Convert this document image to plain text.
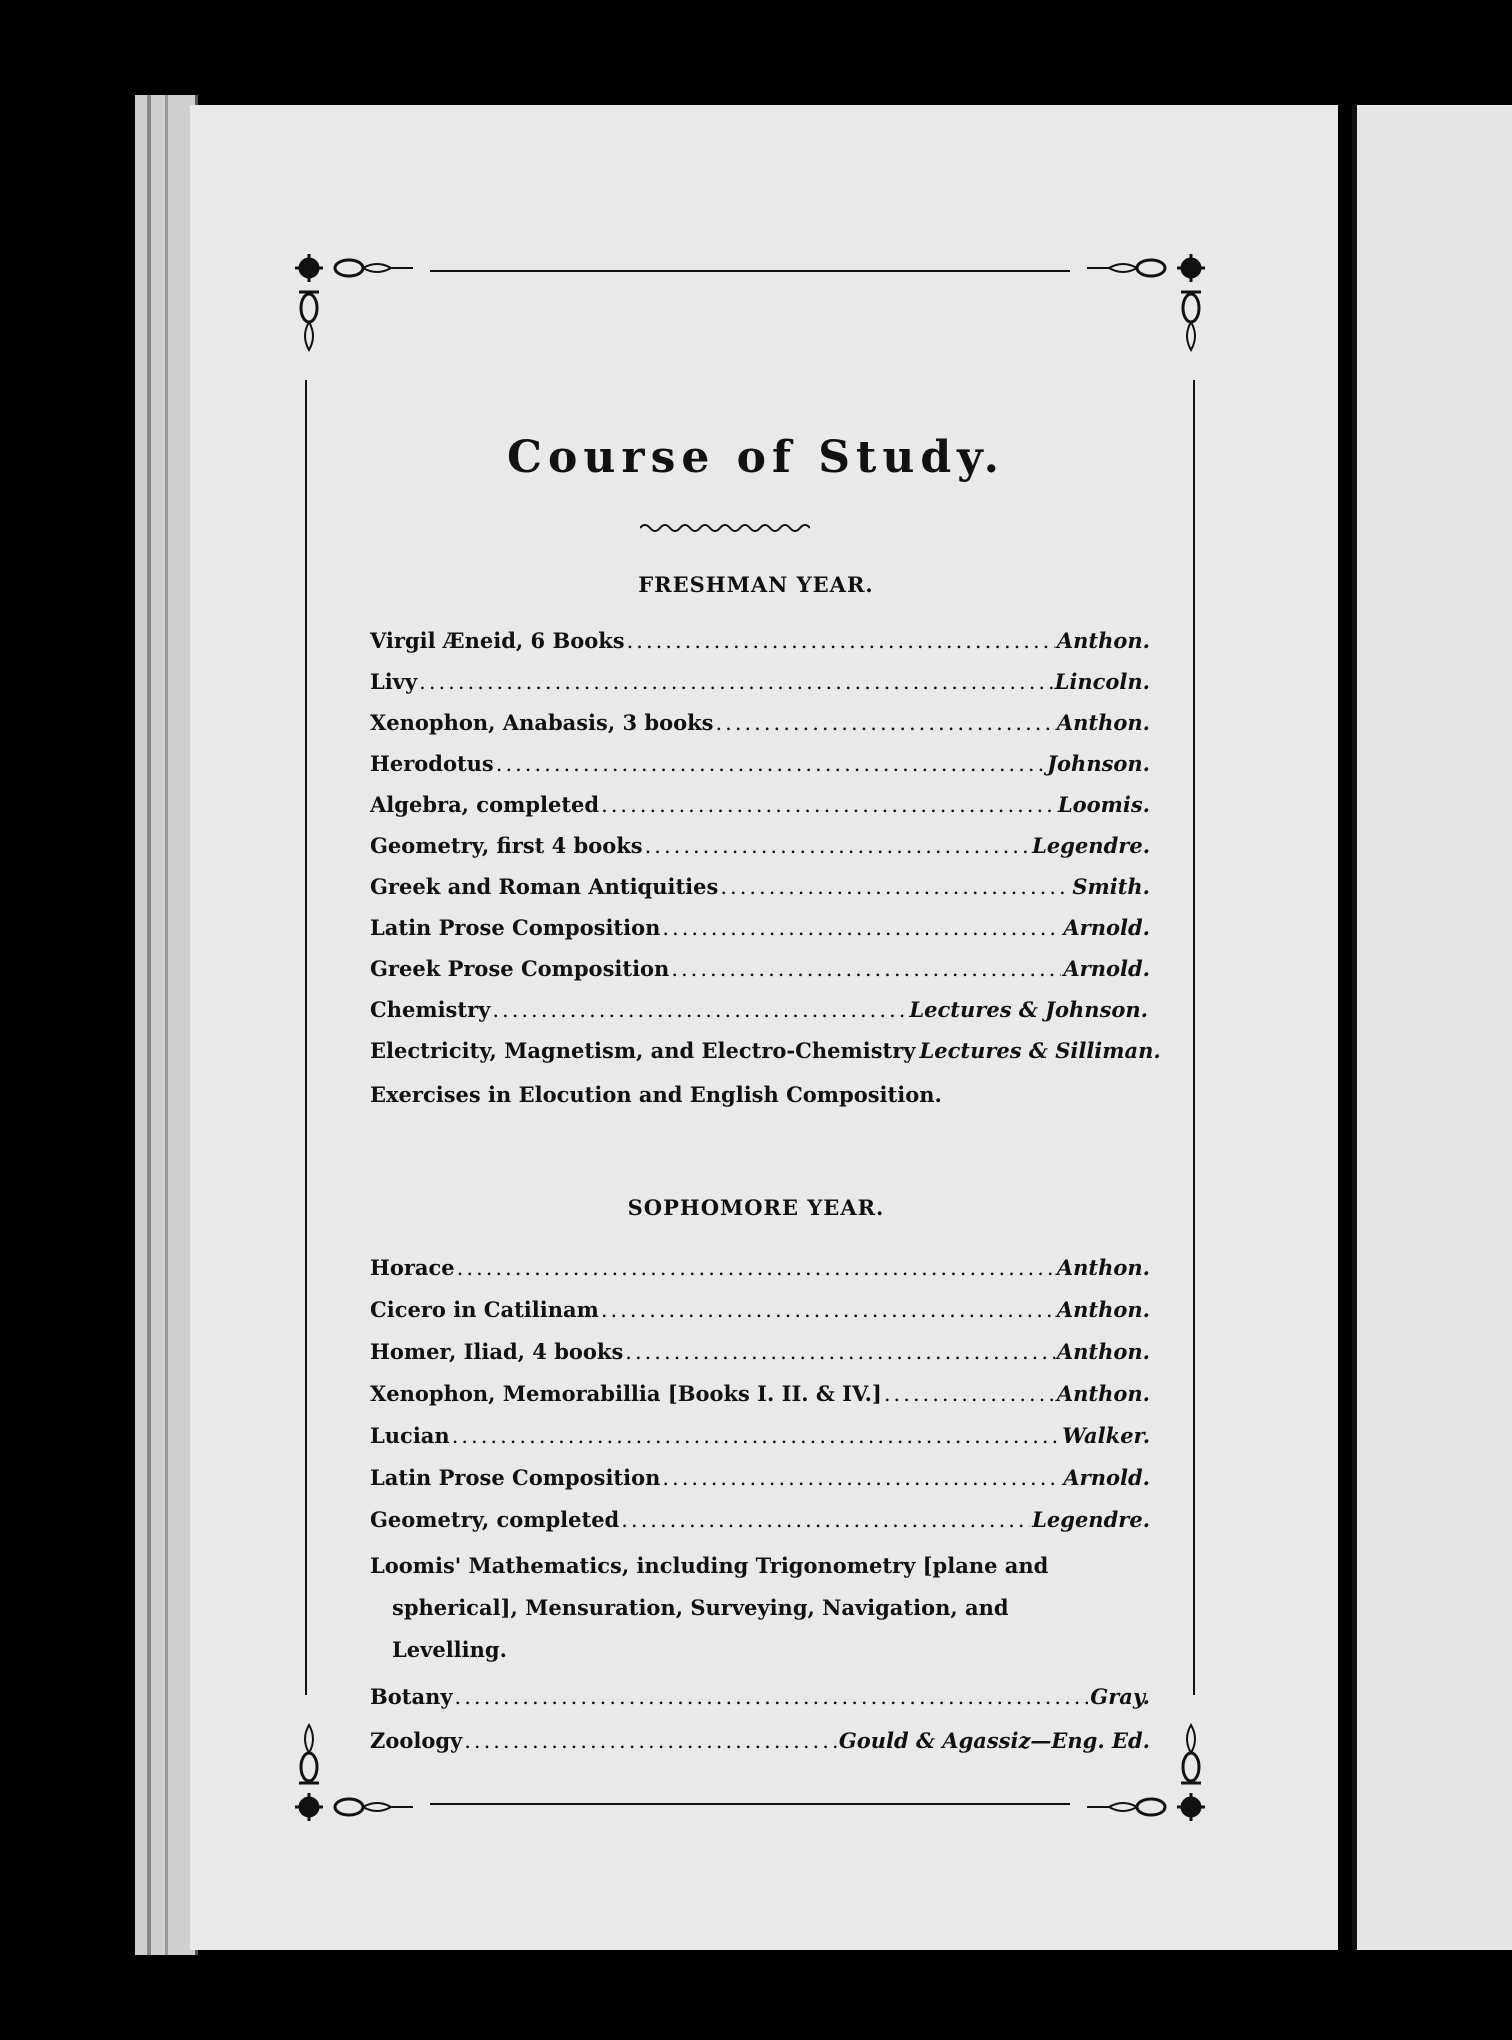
Course of Study.
FRESHMAN YEAR.
Virgil Æneid, 6 Books .....	Anthon.
Livy .....	Lincoln.
Xenophon, Anabasis, 3 books .....	Anthon.
Herodotus .....	Johnson.
Algebra, completed .....	Loomis.
Geometry, first 4 books .....	Legendre.
Greek and Roman Antiquities .....	Smith.
Latin Prose Composition .....	Arnold.
Greek Prose Composition .....	Arnold.
Chemistry .....	Lectures & Johnson.
Electricity, Magnetism, and Electro-Chemistry Lectures & Silliman.
Exercises in Elocution and English Composition.
SOPHOMORE YEAR.
Horace .....	Anthon.
Cicero in Catilinam .....	Anthon.
Homer, Iliad, 4 books .....	Anthon.
Xenophon, Memorabillia [Books I. II. & IV.] .....	Anthon.
Lucian .....	Walker.
Latin Prose Composition .....	Arnold.
Geometry, completed .....	Legendre.
Loomis' Mathematics, including Trigonometry [plane and
spherical], Mensuration, Surveying, Navigation, and
Levelling.
Botany .....	Gray.
Zoology .....	Gould & Agassiz—Eng. Ed.
